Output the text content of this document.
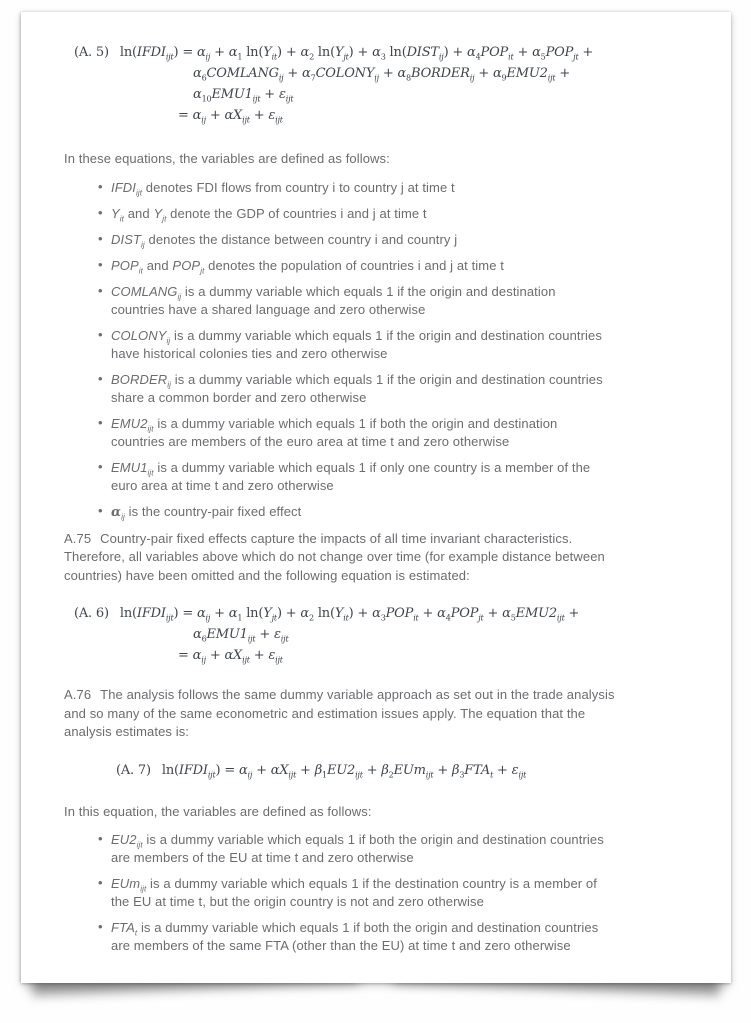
(A. 5) $\ln(IFDI_{ijt}) = \alpha_{ij} + \alpha_1$ $\ln(Y_{it}) + \alpha_2$ $\ln(Y_{jt}) + \alpha_3$ $\ln(DIST_{ij}) + \alpha_4POP_{it} + \alpha_5POP_{jt}$ +
$\alpha_6COMLANG_{ij}$ + $\alpha_7COLONY_{ij}$ + $\alpha_8BORDER_{ij} + \alpha_9EMU2_{ijt}$ +
$\alpha_{10}EMU1_{ijt} + \varepsilon_{ijt}$
= $\alpha_{ij} + \alpha X_{ijt} + \varepsilon_{ijt}$

In these equations, the variables are defined as follows:

• $IFDI_{ijt}$ denotes FDI flows from country i to country j at time t
• $Y_{it}$ and $Y_{jt}$ denote the GDP of countries i and j at time t
• $DIST_{ij}$ denotes the distance between country i and country j
• $POP_{it}$ and $POP_{jt}$ denotes the population of countries i and j at time t
• $COMLANG_{ij}$ is a dummy variable which equals 1 if the origin and destination
countries have a shared language and zero otherwise
• $COLONY_{ij}$ is a dummy variable which equals 1 if the origin and destination countries
have historical colonies ties and zero otherwise
• $BORDER_{ij}$ is a dummy variable which equals 1 if the origin and destination countries
share a common border and zero otherwise
• $EMU2_{ijt}$ is a dummy variable which equals 1 if both the origin and destination
countries are members of the euro area at time t and zero otherwise
• $EMU1_{ijt}$ is a dummy variable which equals 1 if only one country is a member of the
euro area at time t and zero otherwise
• $\alpha_{ij}$ is the country-pair fixed effect

A.75 Country-pair fixed effects capture the impacts of all time invariant characteristics.
Therefore, all variables above which do not change over time (for example distance between
countries) have been omitted and the following equation is estimated:

(A. 6) $\ln(IFDI_{ijt}) = \alpha_{ij} + \alpha_1$ $\ln(Y_{jt}) + \alpha_2$ $\ln(Y_{it}) + \alpha_3POP_{it} + \alpha_4POP_{jt} + \alpha_5EMU2_{ijt}$ +
$\alpha_6EMU1_{ijt} + \varepsilon_{ijt}$
= $\alpha_{ij} + \alpha X_{ijt} + \varepsilon_{ijt}$

A.76 The analysis follows the same dummy variable approach as set out in the trade analysis
and so many of the same econometric and estimation issues apply. The equation that the
analysis estimates is:

(A. 7) $\ln(IFDI_{ijt}) = \alpha_{ij} + \alpha X_{ijt} + \beta_1EU2_{ijt} + \beta_2EUm_{ijt} + \beta_3FTA_t + \varepsilon_{ijt}$

In this equation, the variables are defined as follows:

• $EU2_{ijt}$ is a dummy variable which equals 1 if both the origin and destination countries
are members of the EU at time t and zero otherwise
• EUm$_{ijt}$ is a dummy variable which equals 1 if the destination country is a member of
the EU at time t, but the origin country is not and zero otherwise
• $FTA_t$ is a dummy variable which equals 1 if both the origin and destination countries
are members of the same FTA (other than the EU) at time t and zero otherwise
